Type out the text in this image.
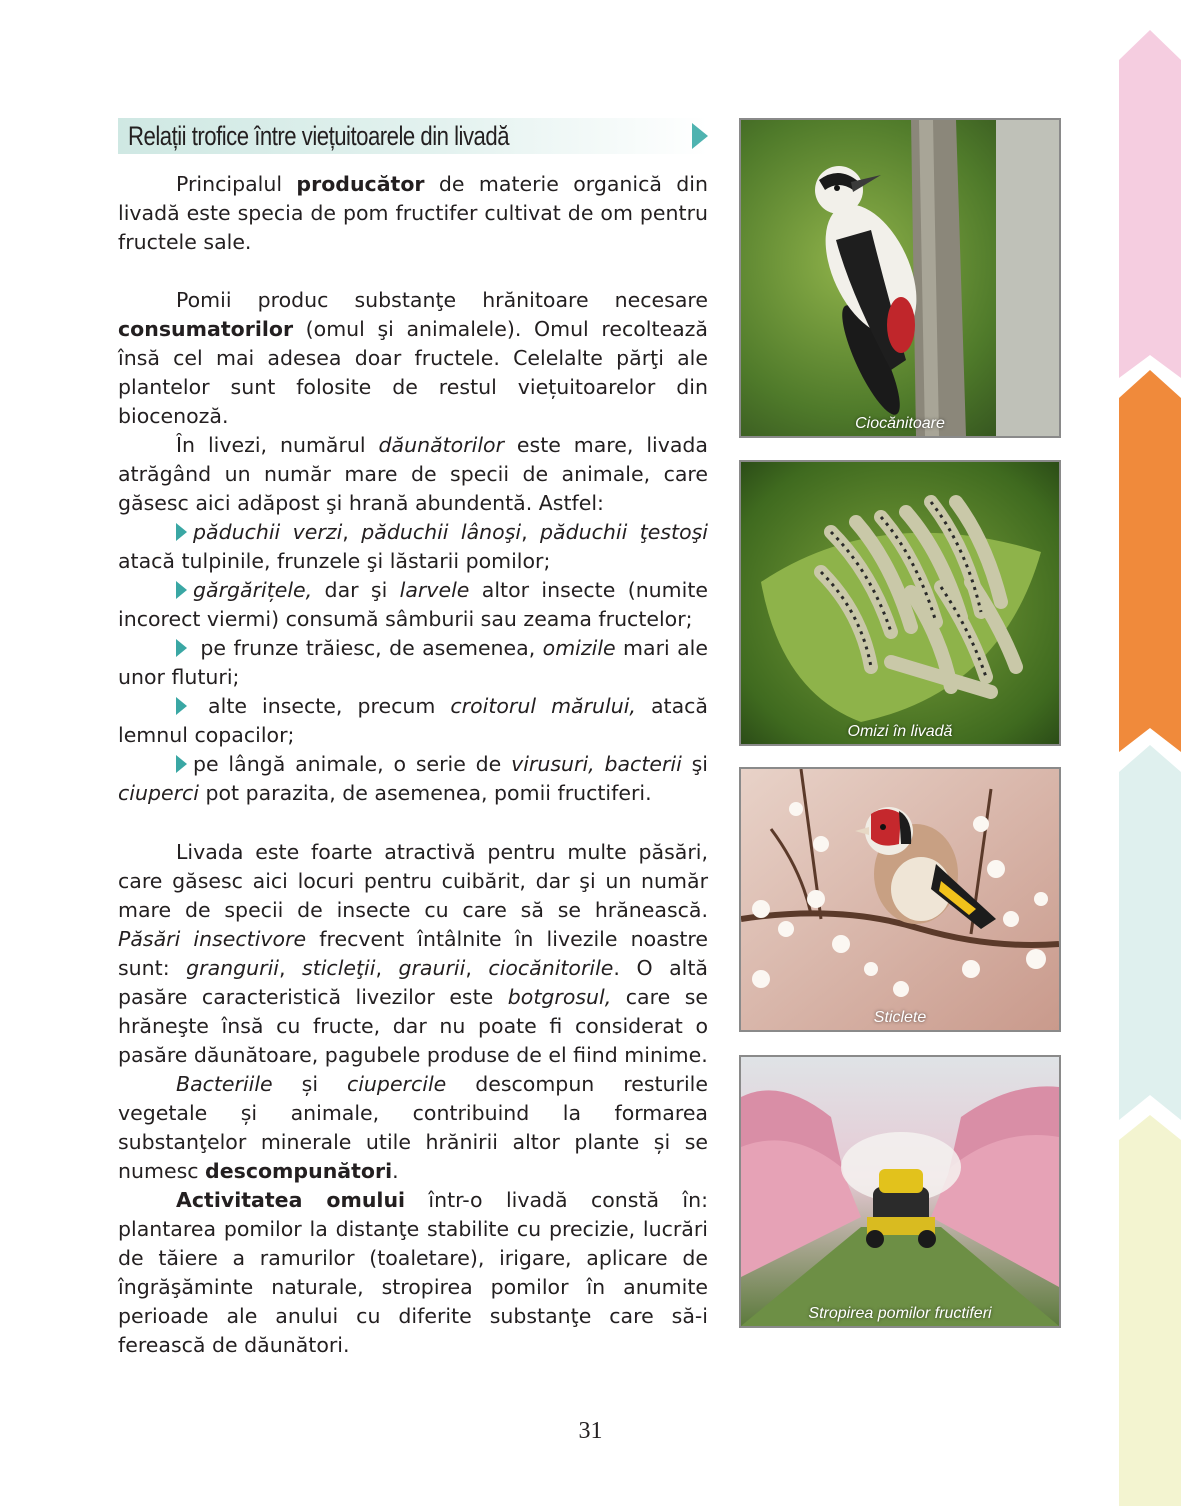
Relații trofice între viețuitoarele din livadă

Principalul producător de materie organică din livadă este specia de pom fructifer cultivat de om pentru fructele sale.

Pomii produc substanţe hrănitoare necesare consumatorilor (omul şi animalele). Omul recoltează însă cel mai adesea doar fructele. Celelalte părţi ale plantelor sunt folosite de restul viețuitoarelor din biocenoză.

În livezi, numărul dăunătorilor este mare, livada atrăgând un număr mare de specii de animale, care găsesc aici adăpost şi hrană abundentă. Astfel:

păduchii verzi, păduchii lânoşi, păduchii ţestoşi atacă tulpinile, frunzele şi lăstarii pomilor;

gărgărițele, dar şi larvele altor insecte (numite incorect viermi) consumă sâmburii sau zeama fructelor;

pe frunze trăiesc, de asemenea, omizile mari ale unor fluturi;

alte insecte, precum croitorul mărului, atacă lemnul copacilor;

pe lângă animale, o serie de virusuri, bacterii şi ciuperci pot parazita, de asemenea, pomii fructiferi.

Livada este foarte atractivă pentru multe păsări, care găsesc aici locuri pentru cuibărit, dar şi un număr mare de specii de insecte cu care să se hrănească. Păsări insectivore frecvent întâlnite în livezile noastre sunt: grangurii, sticleţii, graurii, ciocănitorile. O altă pasăre caracteristică livezilor este botgrosul, care se hrăneşte însă cu fructe, dar nu poate fi considerat o pasăre dăunătoare, pagubele produse de el fiind minime.

Bacteriile și ciupercile descompun resturile vegetale și animale, contribuind la formarea substanţelor minerale utile hrănirii altor plante și se numesc descompunători.

Activitatea omului într-o livadă constă în: plantarea pomilor la distanţe stabilite cu precizie, lucrări de tăiere a ramurilor (toaletare), irigare, aplicare de îngrăşăminte naturale, stropirea pomilor în anumite perioade ale anului cu diferite substanţe care să-i ferească de dăunători.

Ciocănitoare
Omizi în livadă
Sticlete
Stropirea pomilor fructiferi
31
